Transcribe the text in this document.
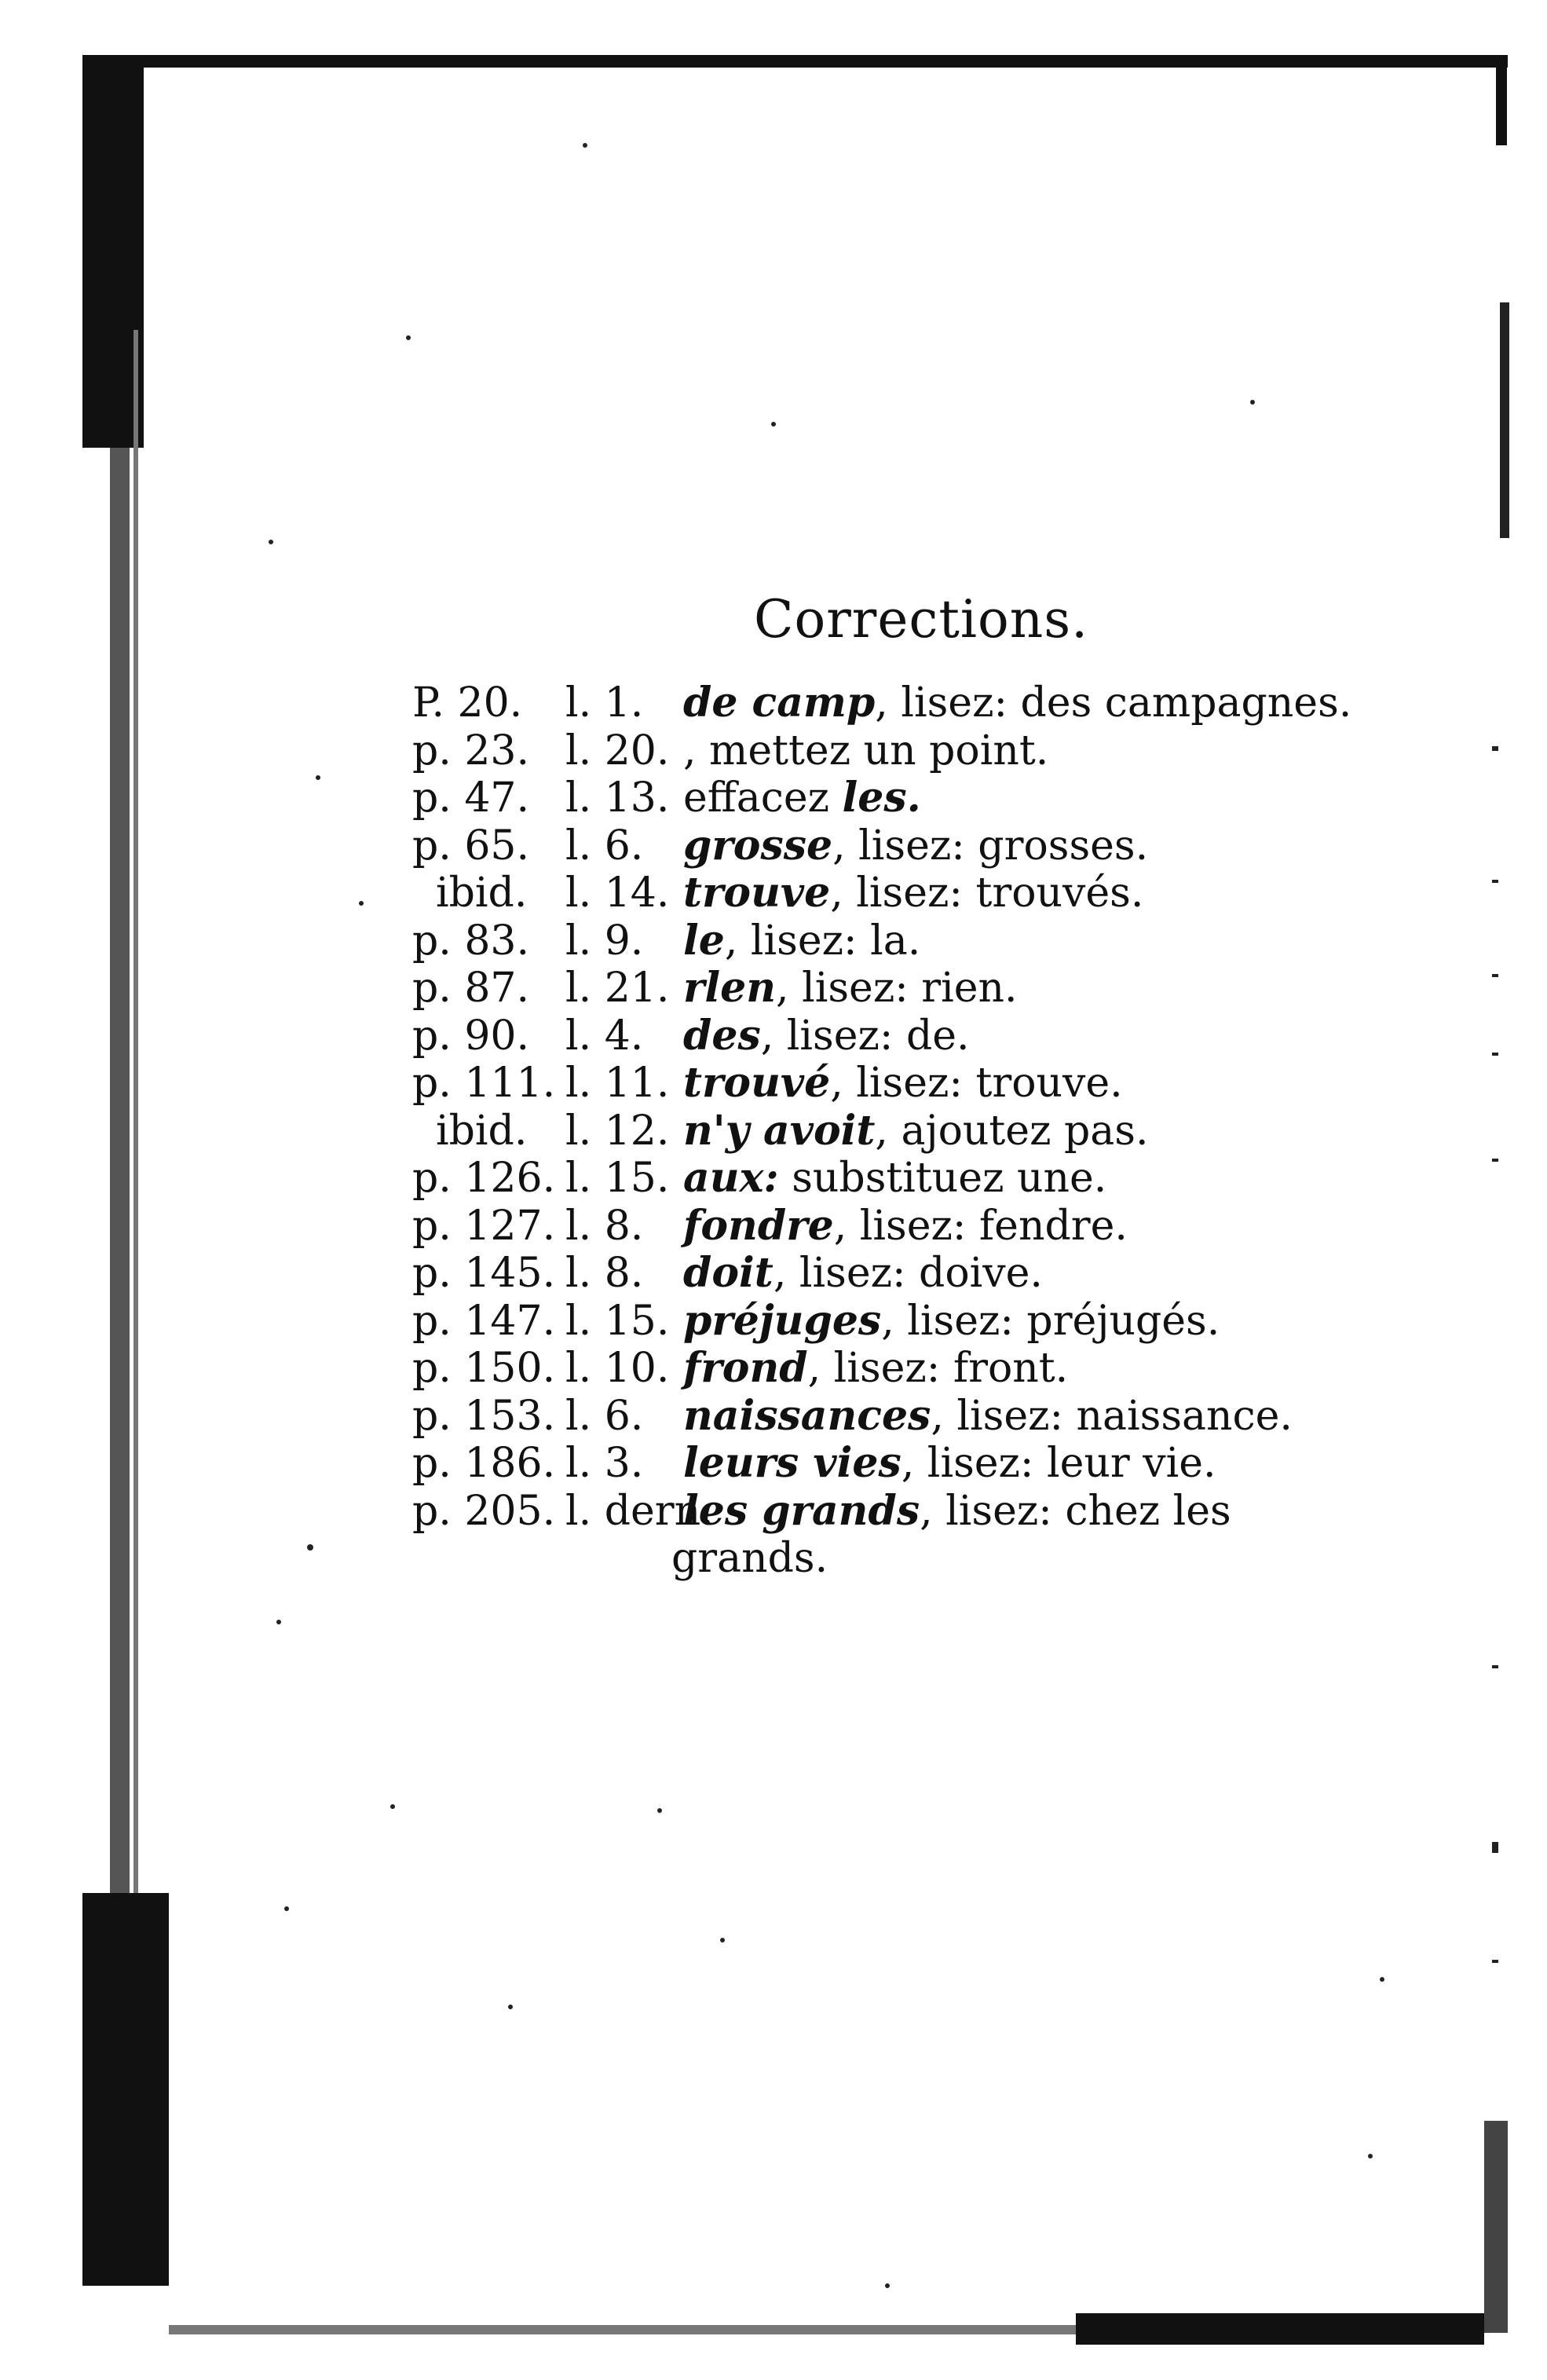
Corrections.
P. 20.	l. 1. de camp, lisez: des campagnes.
p. 23. l. 20. , mettez un point.
p. 47. l. 13. effacez les.
p. 65. l. 6. grosse, lisez: grosses.
ibid. l. 14. trouve, lisez: trouvés.
p. 83. l. 9. le, lisez: la.
p. 87. l. 21. rlen, lisez: rien.
p. 90. l. 4. des, lisez: de.
p. 111. l. 11. trouvé, lisez: trouve.
ibid. l. 12. n'y avoit, ajoutez pas.
p. 126. l. 15. aux: substituez une.
p. 127. l. 8. fondre, lisez: fendre.
p. 145. l. 8. doit, lisez: doive.
p. 147. l. 15. préjuges, lisez: préjugés.
p. 150. l. 10. frond, lisez: front.
p. 153. l. 6. naissances, lisez: naissance.
p. 186. l. 3. leurs vies, lisez: leur vie.
p. 205. l. dern.
les grands, lisez: chez les
grands.
